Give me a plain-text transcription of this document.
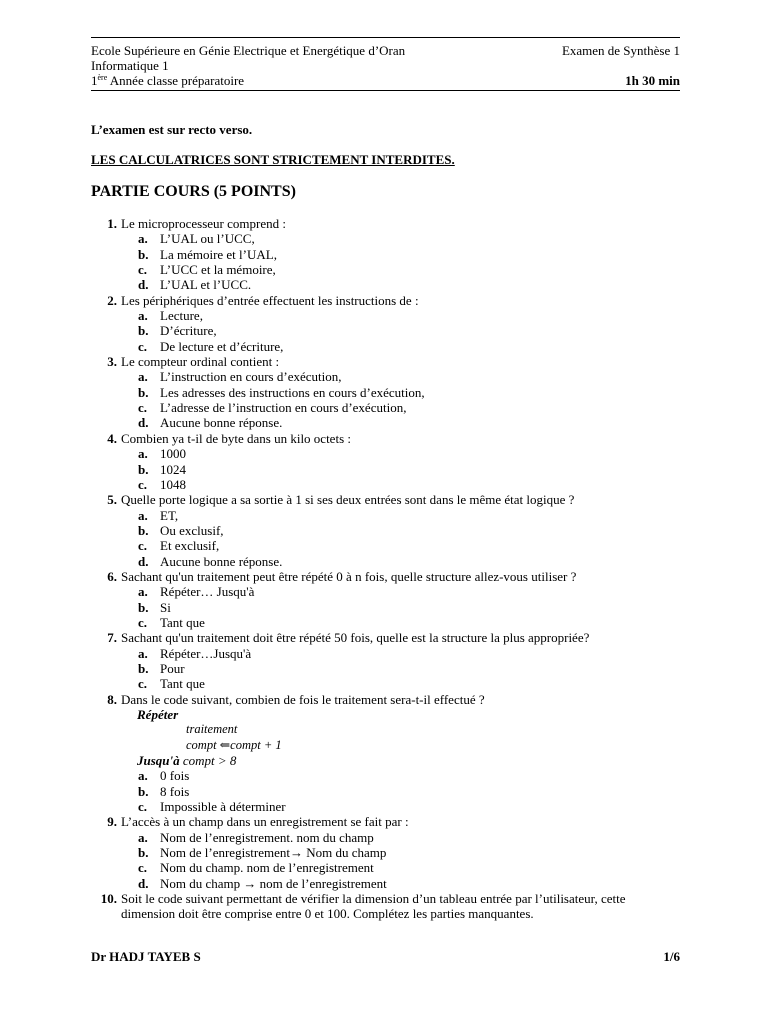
Ecole Supérieure en Génie Electrique et Energétique d’Oran	Examen de Synthèse 1
Informatique 1
1ère Année classe préparatoire	1h 30 min
L’examen est sur recto verso.
LES CALCULATRICES SONT STRICTEMENT INTERDITES.
PARTIE COURS (5 POINTS)
1. Le microprocesseur comprend :
a. L’UAL ou l’UCC,
b. La mémoire et l’UAL,
c. L’UCC et la mémoire,
d. L’UAL et l’UCC.
2. Les périphériques d’entrée effectuent les instructions de :
a. Lecture,
b. D’écriture,
c. De lecture et d’écriture,
3. Le compteur ordinal contient :
a. L’instruction en cours d’exécution,
b. Les adresses des instructions en cours d’exécution,
c. L’adresse de l’instruction en cours d’exécution,
d. Aucune bonne réponse.
4. Combien ya t-il de byte dans un kilo octets :
a. 1000
b. 1024
c. 1048
5. Quelle porte logique a sa sortie à 1 si ses deux entrées sont dans le même état logique ?
a. ET,
b. Ou exclusif,
c. Et exclusif,
d. Aucune bonne réponse.
6. Sachant qu'un traitement peut être répété 0 à n fois, quelle structure allez-vous utiliser ?
a. Répéter… Jusqu'à
b. Si
c. Tant que
7. Sachant qu'un traitement doit être répété 50 fois, quelle est la structure la plus appropriée?
a. Répéter…Jusqu'à
b. Pour
c. Tant que
8. Dans le code suivant, combien de fois le traitement sera-t-il effectué ?
Répéter
traitement
compt ⇐compt + 1
Jusqu'à compt > 8
a. 0 fois
b. 8 fois
c. Impossible à déterminer
9. L’accès à un champ dans un enregistrement se fait par :
a. Nom de l’enregistrement. nom du champ
b. Nom de l’enregistrement→ Nom du champ
c. Nom du champ. nom de l’enregistrement
d. Nom du champ → nom de l’enregistrement
10. Soit le code suivant permettant de vérifier la dimension d’un tableau entrée par l’utilisateur, cette dimension doit être comprise entre 0 et 100. Complétez les parties manquantes.
Dr HADJ TAYEB S	1/6
